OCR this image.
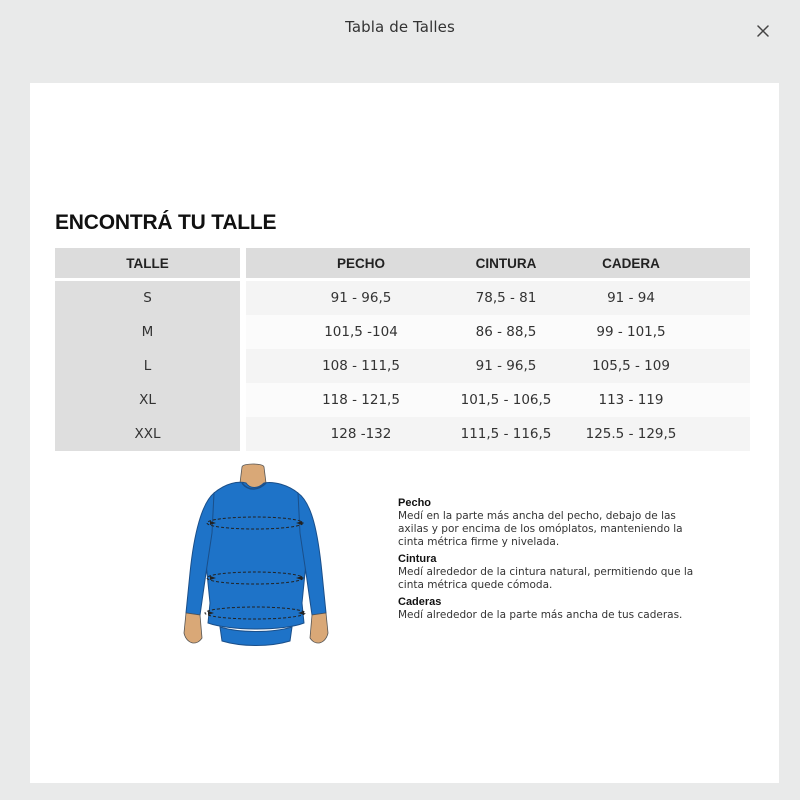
Tabla de Talles
ENCONTRÁ TU TALLE
TALLE	PECHO	CINTURA	CADERA
S	91 - 96,5	78,5 - 81	91 - 94
M	101,5 -104	86 - 88,5	99 - 101,5
L	108 - 111,5	91 - 96,5	105,5 - 109
XL	118 - 121,5	101,5 - 106,5	113 - 119
XXL	128 -132	111,5 - 116,5	125.5 - 129,5
Pecho
Medí en la parte más ancha del pecho, debajo de las axilas y por encima de los omóplatos, manteniendo la cinta métrica firme y nivelada.
Cintura
Medí alrededor de la cintura natural, permitiendo que la cinta métrica quede cómoda.
Caderas
Medí alrededor de la parte más ancha de tus caderas.
